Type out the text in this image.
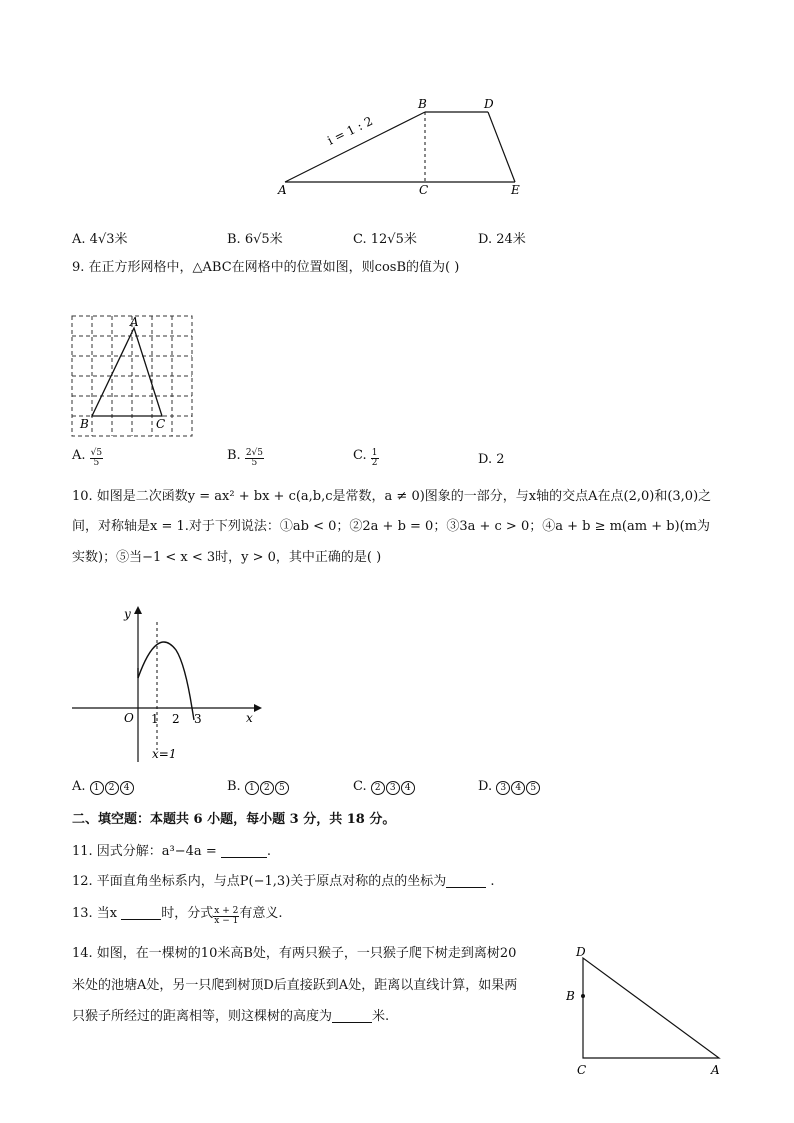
B	D
A	C	E
i = 1 : 2
A. 4√3米	B. 6√5米	C. 12√5米	D. 24米
9. 在正方形网格中，△ABC在网格中的位置如图，则cosB的值为( )
A
B	C
A. $\frac{√5}{5}$	B. $\frac{2√5}{5}$	C. $\frac{1}{2}$	D. 2
10. 如图是二次函数y = ax² + bx + c(a,b,c是常数，a ≠ 0)图象的一部分，与x轴的交点A在点(2,0)和(3,0)之
间，对称轴是x = 1.对于下列说法：①ab < 0；②2a + b = 0；③3a + c > 0；④a + b ≥ m(am + b)(m为
实数)；⑤当−1 < x < 3时，y > 0，其中正确的是( )
y
x
O 1 2 3
x=1
A. 1 2 4	B. 1 2 5	C. 2 3 4	D. 3 4 5
二、填空题：本题共 6 小题，每小题 3 分，共 18 分。
11. 因式分解：a³−4a =	.
12. 平面直角坐标系内，与点P(−1,3)关于原点对称的点的坐标为	.
13. 当x	时，分式 $\frac{x + 2}{x - 1}$ 有意义.
14. 如图，在一棵树的10米高B处，有两只猴子，一只猴子爬下树走到离树20
米处的池塘A处，另一只爬到树顶D后直接跃到A处，距离以直线计算，如果两
只猴子所经过的距离相等，则这棵树的高度为	米.
D
B
C	A
